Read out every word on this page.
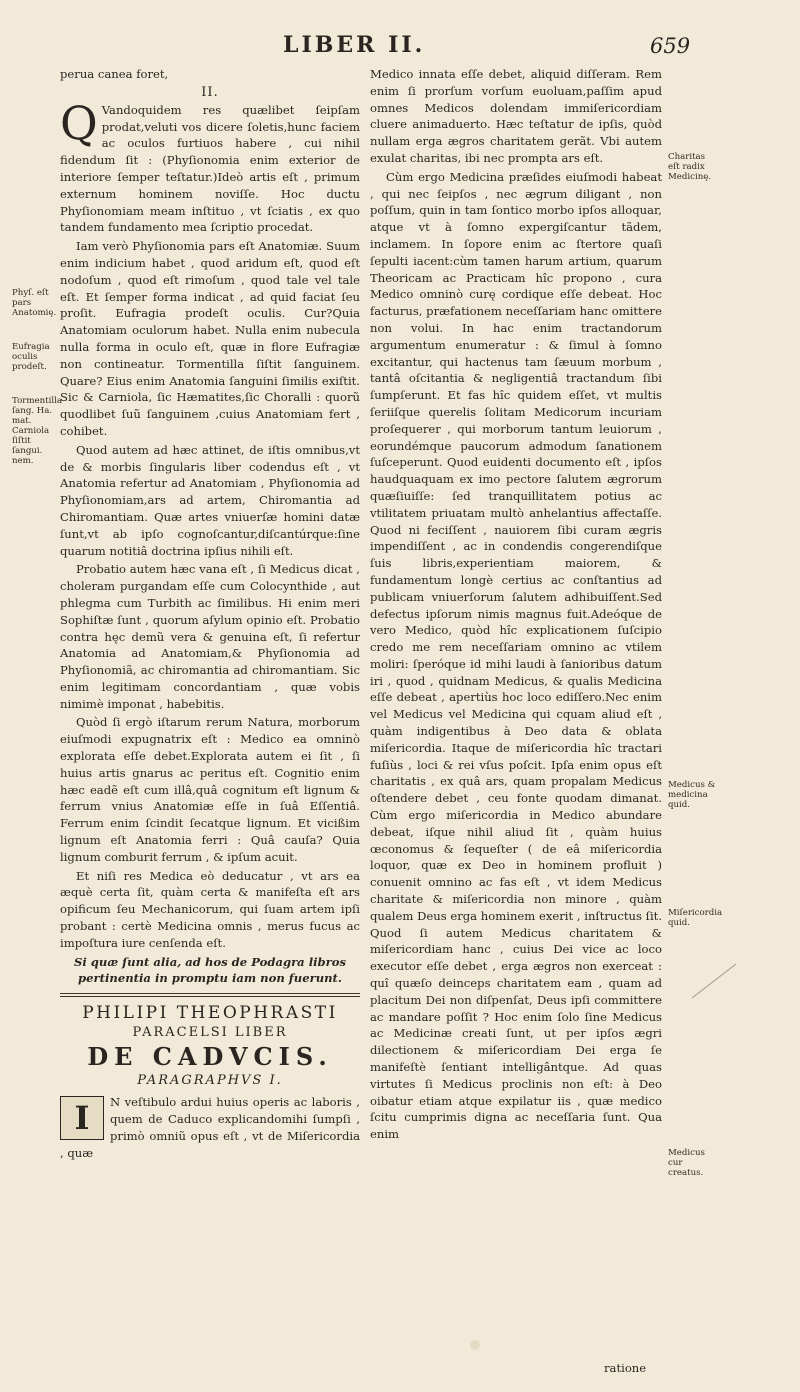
LIBER II.	659

perua canea foret,

II.

Q Vandoquidem res quælibet ſeipſam prodat,veluti vos dicere ſoletis,hunc faciem ac oculos furtiuos habere , cui nihil fidendum ſit : (Phyſionomia enim exterior de interiore ſemper teſtatur.)Ideò artis eſt , primum externum hominem noviſſe. Hoc ductu Phyſionomiam meam inſtituo , vt ſciatis , ex quo tandem fundamento mea ſcriptio procedat.

Iam verò Phyſionomia pars eſt Anatomiæ. Suum enim indicium habet , quod aridum eſt, quod eſt nodoſum , quod eſt rimoſum , quod tale vel tale eſt. Et ſemper forma indicat , ad quid faciat ſeu proſit. Eufragia prodeſt oculis. Cur?Quia Anatomiam oculorum habet. Nulla enim nubecula nulla forma in oculo eſt, quæ in flore Eufragiæ non contineatur. Tormentilla ſiſtit ſanguinem. Quare? Eius enim Anatomia ſanguini ſimilis exiſtit. Sic & Carniola, ſic Hæmatites,ſic Choralli : quorũ quodlibet ſuũ ſanguinem ,cuius Anatomiam fert , cohibet.

Quod autem ad hæc attinet, de iſtis omnibus,vt de & morbis ſingularis liber codendus eſt , vt Anatomia refertur ad Anatomiam , Phyſionomia ad Phyſionomiam,ars ad artem, Chiromantia ad Chiromantiam. Quæ artes vniuerſæ homini datæ ſunt,vt ab ipſo cognoſcantur,diſcantúrque:ſine quarum notitiâ doctrina ipſius nihili eſt.

Probatio autem hæc vana eſt , ſi Medicus dicat , choleram purgandam eſſe cum Colocynthide , aut phlegma cum Turbith ac ſimilibus. Hi enim meri Sophiſtæ ſunt , quorum aſylum opinio eſt. Probatio contra hęc demũ vera & genuina eſt, ſi refertur Anatomia ad Anatomiam,& Phyſionomia ad Phyſionomiã, ac chiromantia ad chiromantiam. Sic enim legitimam concordantiam , quæ vobis nimimè imponat , habebitis.

Quòd ſi ergò iſtarum rerum Natura, morborum eiuſmodi expugnatrix eſt : Medico ea omninò explorata eſſe debet.Explorata autem ei ſit , ſi huius artis gnarus ac peritus eſt. Cognitio enim hæc eadẽ eſt cum illâ,quâ cognitum eſt lignum & ferrum vnius Anatomiæ eſſe in ſuâ Eſſentiâ. Ferrum enim ſcindit ſecatque lignum. Et vicißim lignum eſt Anatomia ferri : Quâ cauſa? Quia lignum comburit ferrum , & ipſum acuit.

Et niſi res Medica eò deducatur , vt ars ea æquè certa ſit, quàm certa & manifeſta eſt ars opificum ſeu Mechanicorum, qui ſuam artem ipſi probant : certè Medicina omnis , merus fucus ac impoſtura iure cenſenda eſt.

Si quæ ſunt alia, ad hos de Podagra libros pertinentia in promptu iam non fuerunt.

PHILIPI THEOPHRASTI
PARACELSI LIBER
DE CADVCIS.
PARAGRAPHVS I.

I	N veſtibulo ardui huius operis ac laboris , quem de Caduco explicandomihi ſumpſi , primò omniũ opus eſt , vt de Miſericordia , quæ

Medico innata eſſe debet, aliquid diſſeram. Rem enim ſi prorſum vorſum euoluam,paſſim apud omnes Medicos dolendam immiſericordiam cluere animaduerto. Hæc teſtatur de ipſis, quòd nullam erga ægros charitatem gerãt. Vbi autem exulat charitas, ibi nec prompta ars eſt.

Cùm ergo Medicina præſides eiuſmodi habeat , qui nec ſeipſos , nec ægrum diligant , non poſſum, quin in tam ſontico morbo ipſos alloquar, atque vt à ſomno expergiſcantur tãdem, inclamem. In ſopore enim ac ſtertore quaſi ſepulti iacent:cùm tamen harum artium, quarum Theoricam ac Practicam hîc propono , cura Medico omninò curę cordique eſſe debeat. Hoc facturus, præfationem neceſſariam hanc omittere non volui. In hac enim tractandorum argumentum enumeratur : & ſimul à ſomno excitantur, qui hactenus tam ſæuum morbum , tantâ oſcitantia & negligentiâ tractandum ſibi ſumpſerunt. Et fas hîc quidem eſſet, vt multis ſeriiſque querelis ſolitam Medicorum incuriam proſequerer , qui morborum tantum leuiorum , eorundémque paucorum admodum ſanationem ſuſceperunt. Quod euidenti documento eſt , ipſos haudquaquam ex imo pectore ſalutem ægrorum quæſiuiſſe: ſed tranquillitatem potius ac vtilitatem priuatam multò anhelantius affectaſſe. Quod ni feciſſent , nauiorem ſibi curam ægris impendiſſent , ac in condendis congerendiſque ſuis libris,experientiam maiorem, & fundamentum longè certius ac conſtantius ad publicam vniuerſorum ſalutem adhibuiſſent.Sed defectus ipſorum nimis magnus fuit.Adeóque de vero Medico, quòd hîc explicationem ſuſcipio credo me rem neceſſariam omnino ac vtilem moliri: ſperóque id mihi laudi à ſanioribus datum iri , quod , quidnam Medicus, & qualis Medicina eſſe debeat , apertiùs hoc loco ediſſero.Nec enim vel Medicus vel Medicina qui cquam aliud eſt , quàm indigentibus à Deo data & oblata miſericordia. Itaque de miſericordia hîc tractari fuſiùs , loci & rei vſus poſcit. Ipſa enim opus eſt charitatis , ex quâ ars, quam propalam Medicus oſtendere debet , ceu fonte quodam dimanat. Cùm ergo miſericordia in Medico abundare debeat, iſque nihil aliud ſit , quàm huius œconomus & ſequeſter ( de eâ miſericordia loquor, quæ ex Deo in hominem profluit ) conuenit omnino ac fas eſt , vt idem Medicus charitate & miſericordia non minore , quàm qualem Deus erga hominem exerit , inſtructus ſit. Quod ſi autem Medicus charitatem & miſericordiam hanc , cuius Dei vice ac loco executor eſſe debet , erga ægros non exerceat : quî quæſo deinceps charitatem eam , quam ad placitum Dei non diſpenſat, Deus ipſi committere ac mandare poſſit ? Hoc enim ſolo ſine Medicus ac Medicinæ creati ſunt, ut per ipſos ægri dilectionem & miſericordiam Dei erga ſe manifeſtè ſentiant intelligântque. Ad quas virtutes ſi Medicus proclinis non eſt: à Deo oibatur etiam atque expilatur iis , quæ medico ſcitu cumprimis digna ac neceſſaria ſunt. Qua enim

Phyſ. eſt pars Anatomię.
Eufragia oculis prodeſt.
Tormentilla ſang. Ha. mat. Carniola ſiſtit ſangui. nem.
Charitas eſt radix Medicinę.
Medicus & medicina quid.
Miſericordia quid.
Medicus cur creatus.
ratione
